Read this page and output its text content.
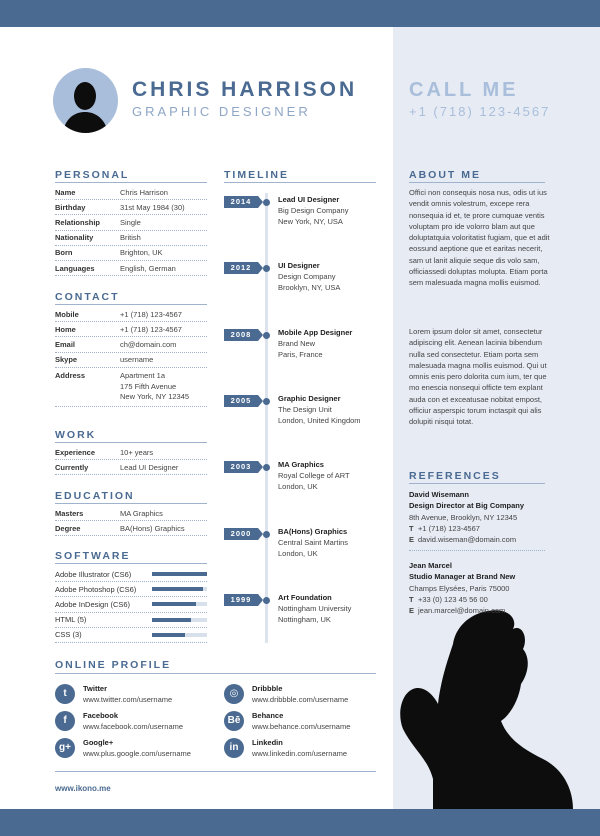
CHRIS HARRISON
GRAPHIC DESIGNER
CALL ME
+1 (718) 123-4567
PERSONAL
Name	Chris Harrison
Birthday	31st May 1984 (30)
Relationship	Single
Nationality	British
Born	Brighton, UK
Languages	English, German
CONTACT
Mobile	+1 (718) 123-4567
Home	+1 (718) 123-4567
Email	ch@domain.com
Skype	username
Address	Apartment 1a
175 Fifth Avenue
New York, NY 12345
WORK
Experience	10+ years
Currently	Lead UI Designer
EDUCATION
Masters	MA Graphics
Degree	BA(Hons) Graphics
SOFTWARE
Adobe Illustrator (CS6)
Adobe Photoshop (CS6)
Adobe InDesign (CS6)
HTML (5)
CSS (3)
TIMELINE
2014	Lead UI Designer
Big Design Company
New York, NY, USA
2012	UI Designer
Design Company
Brooklyn, NY, USA
2008	Mobile App Designer
Brand New
Paris, France
2005	Graphic Designer
The Design Unit
London, United Kingdom
2003	MA Graphics
Royal College of ART
London, UK
2000	BA(Hons) Graphics
Central Saint Martins
London, UK
1999	Art Foundation
Nottingham University
Nottingham, UK
ABOUT ME
Offici non consequis nosa nus, odis ut ius vendit omnis volestrum, excepe rera nonsequia id et, te prore cumquae ventis voluptam pro ide volorro blam aut que doluptatquia voloritatist fugiam, que et adit eossund aeptione que et earitas necerit, sam ut lanit aliquie seque dis volo sam, officiassedi doluptas molupta. Etiam porta sem malesuada magna mollis euismod.
Lorem ipsum dolor sit amet, consectetur adipiscing elit. Aenean lacinia bibendum nulla sed consectetur. Etiam porta sem malesuada magna mollis euismod. Qui ut omnis enis pero dolorita cum ium, ter que mo enescia nonsequi officte tem explant auda con et exceatusae nobitat empost, officiur asperspic torum inctaspit qui alis dolupiti nisqui totat.
REFERENCES
David Wisemann
Design Director at Big Company
8th Avenue, Brooklyn, NY 12345
T +1 (718) 123-4567
E david.wiseman@domain.com
Jean Marcel
Studio Manager at Brand New
Champs Elysées, Paris 75000
T +33 (0) 123 45 56 00
E jean.marcel@domain.com
ONLINE PROFILE
t	Twitter
www.twitter.com/username
◎	Dribbble
www.dribbble.com/username
f	Facebook
www.facebook.com/username
Bē	Behance
www.behance.com/username
g+	Google+
www.plus.google.com/username
in	Linkedin
www.linkedin.com/username
www.ikono.me
